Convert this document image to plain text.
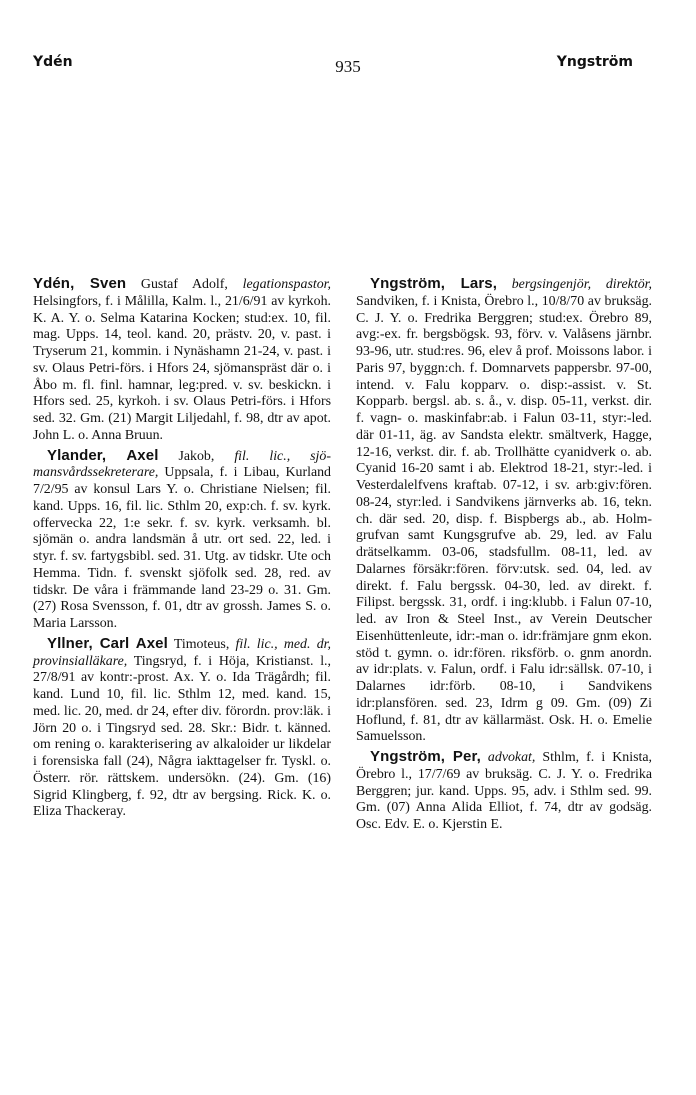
Ydén	935	Yngström

Ydén, Sven Gustaf Adolf, legationspastor, Helsingfors, f. i Målilla, Kalm. l., 21/6/91 av kyrkoh. K. A. Y. o. Selma Katarina Kocken; stud:ex. 10, fil. mag. Upps. 14, teol. kand. 20, prästv. 20, v. past. i Tryserum 21, kommin. i Nynäshamn 21-24, v. past. i sv. Olaus Petri-förs. i Hfors 24, sjömanspräst där o. i Åbo m. fl. finl. hamnar, leg:pred. v. sv. beskickn. i Hfors sed. 25, kyrkoh. i sv. Olaus Petri-förs. i Hfors sed. 32. Gm. (21) Margit Liljedahl, f. 98, dtr av apot. John L. o. Anna Bruun.

Ylander, Axel Jakob, fil. lic., sjömansvårdssekreterare, Uppsala, f. i Libau, Kurland 7/2/95 av konsul Lars Y. o. Christiane Nielsen; fil. kand. Upps. 16, fil. lic. Sthlm 20, exp:ch. f. sv. kyrk. offervecka 22, 1:e sekr. f. sv. kyrk. verksamh. bl. sjömän o. andra landsmän å utr. ort sed. 22, led. i styr. f. sv. fartygsbibl. sed. 31. Utg. av tidskr. Ute och Hemma. Tidn. f. svenskt sjöfolk sed. 28, red. av tidskr. De våra i främmande land 23-29 o. 31. Gm. (27) Rosa Svensson, f. 01, dtr av grossh. James S. o. Maria Larsson.

Yllner, Carl Axel Timoteus, fil. lic., med. dr, provinsialläkare, Tingsryd, f. i Höja, Kristianst. l., 27/8/91 av kontr:-prost. Ax. Y. o. Ida Trägårdh; fil. kand. Lund 10, fil. lic. Sthlm 12, med. kand. 15, med. lic. 20, med. dr 24, efter div. förordn. prov:läk. i Jörn 20 o. i Tingsryd sed. 28. Skr.: Bidr. t. känned. om rening o. karakterisering av alkaloider ur likdelar i forensiska fall (24), Några iakttagelser fr. Tyskl. o. Österr. rör. rättskem. undersökn. (24). Gm. (16) Sigrid Klingberg, f. 92, dtr av bergsing. Rick. K. o. Eliza Thackeray.

Yngström, Lars, bergsingenjör, direktör, Sandviken, f. i Knista, Örebro l., 10/8/70 av bruksäg. C. J. Y. o. Fredrika Berggren; stud:ex. Örebro 89, avg:-ex. fr. bergsbögsk. 93, förv. v. Valåsens järnbr. 93-96, utr. stud:res. 96, elev å prof. Moissons labor. i Paris 97, byggn:ch. f. Domnarvets pappersbr. 97-00, intend. v. Falu kopparv. o. disp:-assist. v. St. Kopparb. bergsl. ab. s. å., v. disp. 05-11, verkst. dir. f. vagn- o. maskinfabr:ab. i Falun 03-11, styr:-led. där 01-11, äg. av Sandsta elektr. smältverk, Hagge, 12-16, verkst. dir. f. ab. Trollhätte cyanidverk o. ab. Cyanid 16-20 samt i ab. Elektrod 18-21, styr:-led. i Vesterdalelfvens kraftab. 07-12, i sv. arb:giv:fören. 08-24, styr:led. i Sandvikens järnverks ab. 16, tekn. ch. där sed. 20, disp. f. Bispbergs ab., ab. Holmgrufvan samt Kungsgrufve ab. 29, led. av Falu drätselkamm. 03-06, stadsfullm. 08-11, led. av Dalarnes försäkr:fören. förv:utsk. sed. 04, led. av direkt. f. Falu bergssk. 04-30, led. av direkt. f. Filipst. bergssk. 31, ordf. i ing:klubb. i Falun 07-10, led. av Iron & Steel Inst., av Verein Deutscher Eisenhüttenleute, idr:-man o. idr:främjare gnm ekon. stöd t. gymn. o. idr:fören. riksförb. o. gnm anordn. av idr:plats. v. Falun, ordf. i Falu idr:sällsk. 07-10, i Dalarnes idr:förb. 08-10, i Sandvikens idr:plansfören. sed. 23, Idrm g 09. Gm. (09) Zi Hoflund, f. 81, dtr av källarmäst. Osk. H. o. Emelie Samuelsson.

Yngström, Per, advokat, Sthlm, f. i Knista, Örebro l., 17/7/69 av bruksäg. C. J. Y. o. Fredrika Berggren; jur. kand. Upps. 95, adv. i Sthlm sed. 99. Gm. (07) Anna Alida Elliot, f. 74, dtr av godsäg. Osc. Edv. E. o. Kjerstin E.
